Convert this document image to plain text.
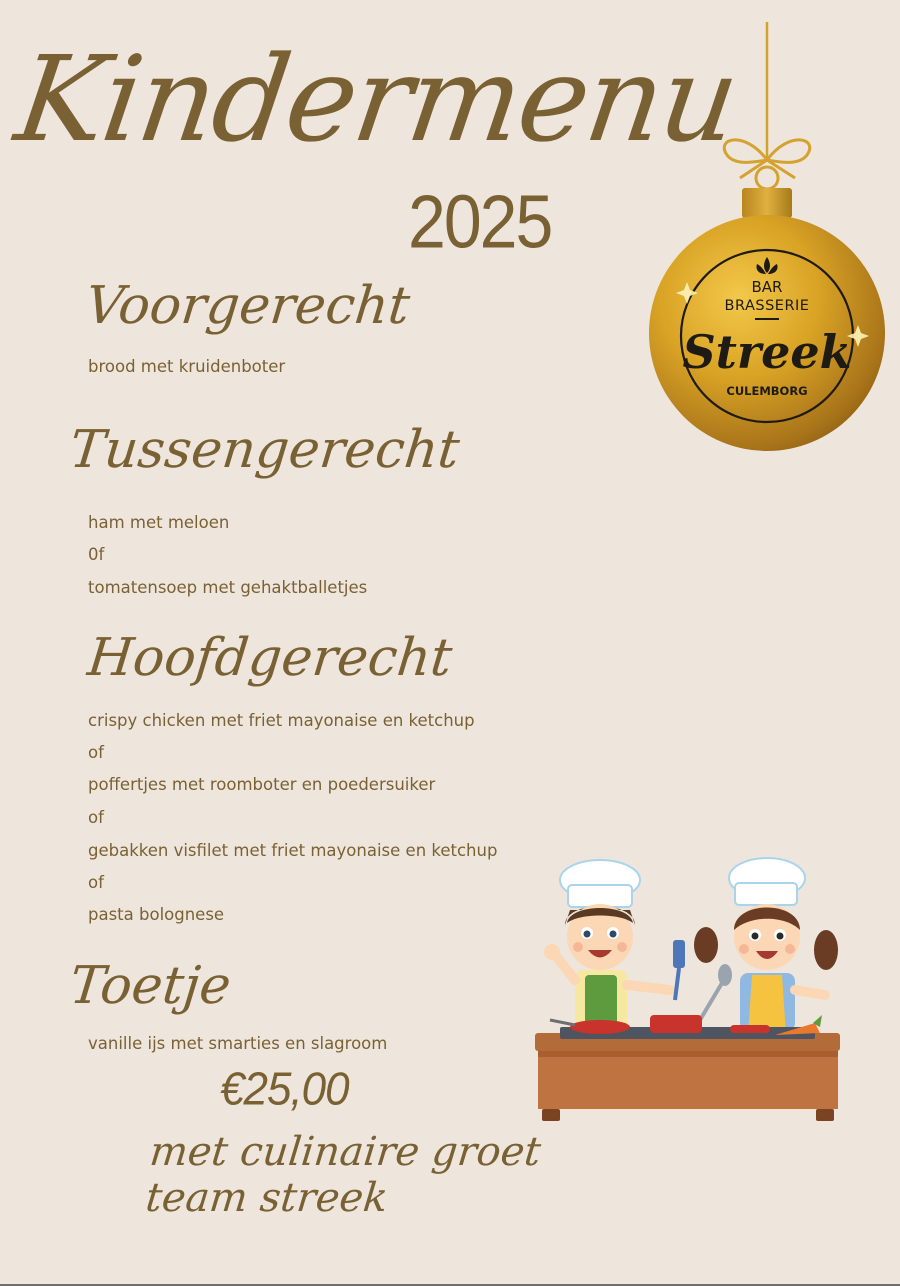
Kindermenu
2025
BAR
BRASSERIE
Streek
CULEMBORG
Voorgerecht
brood met kruidenboter
Tussengerecht
ham met meloen
0f
tomatensoep met gehaktballetjes
Hoofdgerecht
crispy chicken met friet mayonaise en ketchup
of
poffertjes met roomboter en poedersuiker
of
gebakken visfilet met friet mayonaise en ketchup
of
pasta bolognese
Toetje
vanille ijs met smarties en slagroom
€25,00
met culinaire groet
team streek
